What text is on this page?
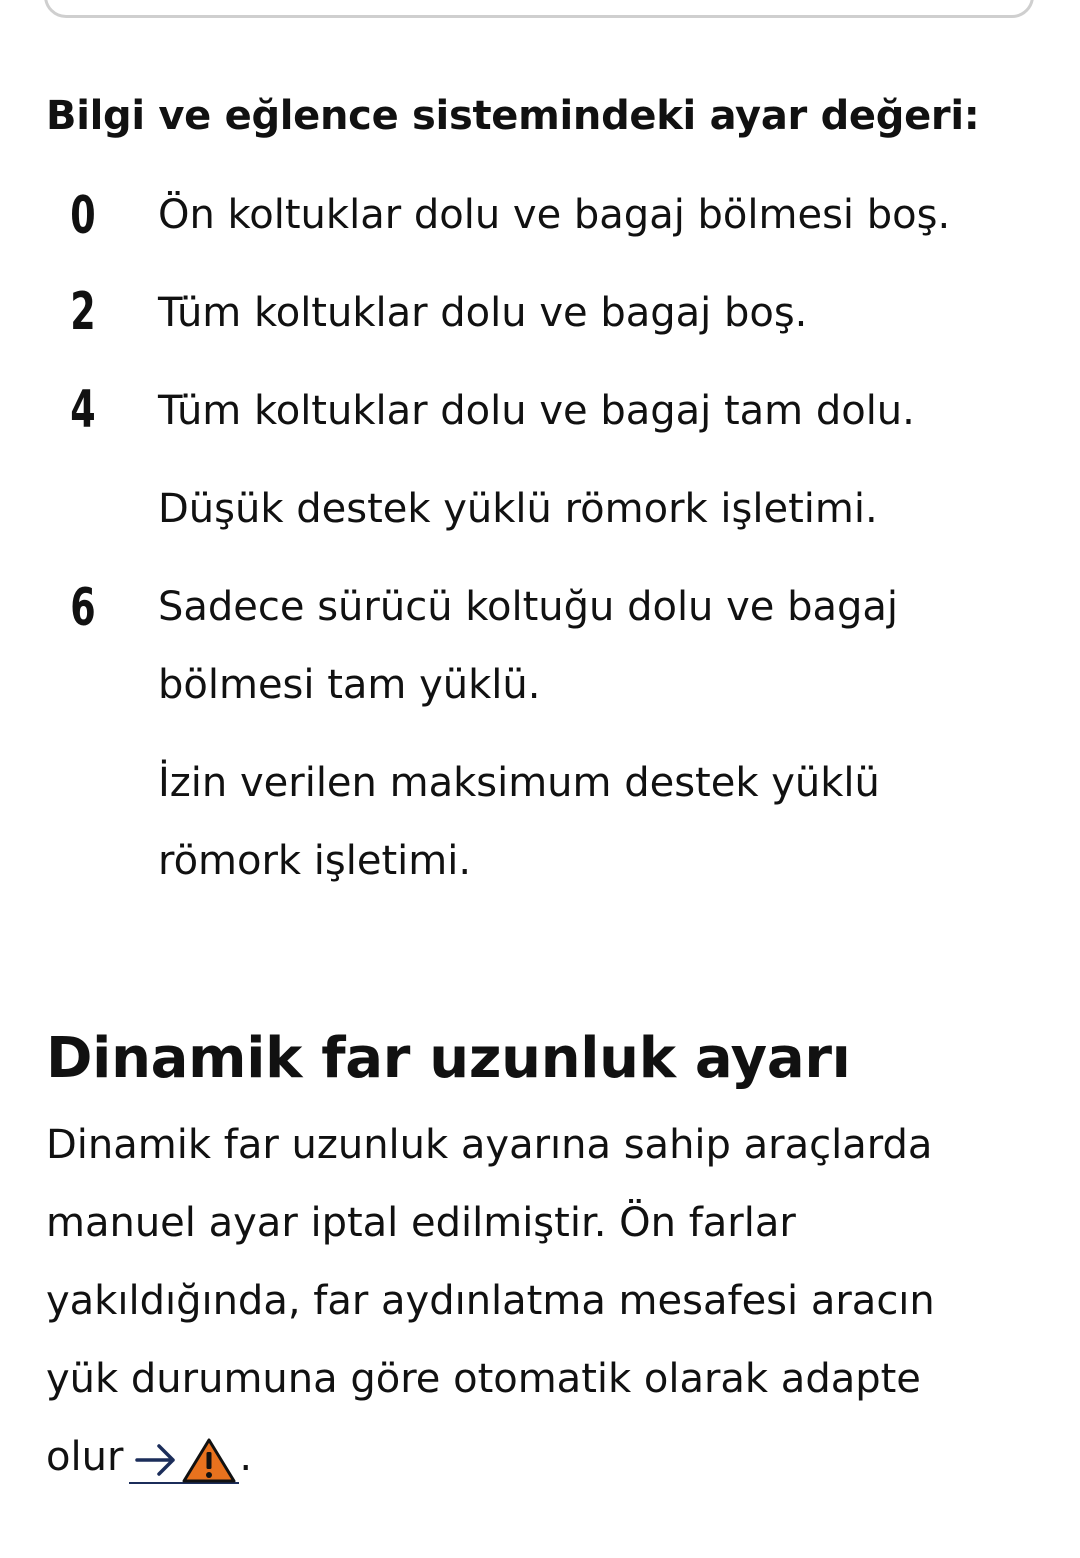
Bilgi ve eğlence sistemindeki ayar değeri:
0 Ön koltuklar dolu ve bagaj bölmesi boş.
2 Tüm koltuklar dolu ve bagaj boş.
4 Tüm koltuklar dolu ve bagaj tam dolu.
Düşük destek yüklü römork işletimi.
6 Sadece sürücü koltuğu dolu ve bagaj
bölmesi tam yüklü.
İzin verilen maksimum destek yüklü
römork işletimi.
Dinamik far uzunluk ayarı
Dinamik far uzunluk ayarına sahip araçlarda
manuel ayar iptal edilmiştir. Ön farlar
yakıldığında, far aydınlatma mesafesi aracın
yük durumuna göre otomatik olarak adapte
olur	.
